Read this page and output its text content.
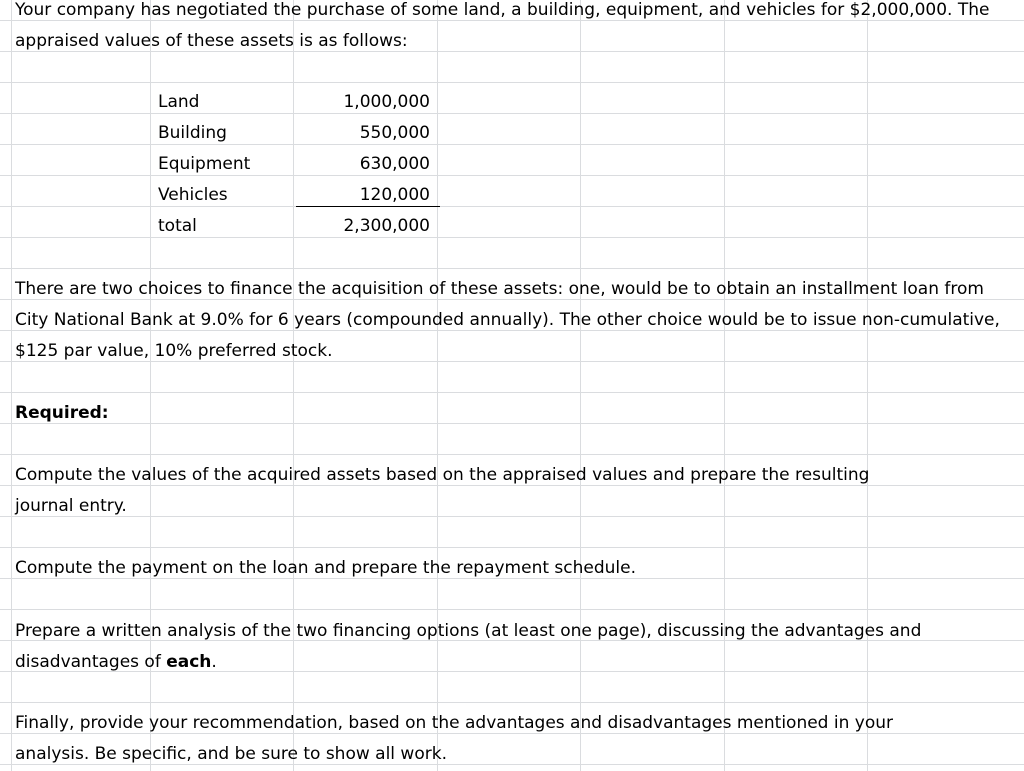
Your company has negotiated the purchase of some land, a building, equipment, and vehicles for $2,000,000. The
appraised values of these assets is as follows:
Land	1,000,000
Building	550,000
Equipment	630,000
Vehicles	120,000
total	2,300,000
There are two choices to finance the acquisition of these assets: one, would be to obtain an installment loan from
City National Bank at 9.0% for 6 years (compounded annually). The other choice would be to issue non-cumulative,
$125 par value, 10% preferred stock.
Required:
Compute the values of the acquired assets based on the appraised values and prepare the resulting
journal entry.
Compute the payment on the loan and prepare the repayment schedule.
Prepare a written analysis of the two financing options (at least one page), discussing the advantages and
disadvantages of each.
Finally, provide your recommendation, based on the advantages and disadvantages mentioned in your
analysis. Be specific, and be sure to show all work.
